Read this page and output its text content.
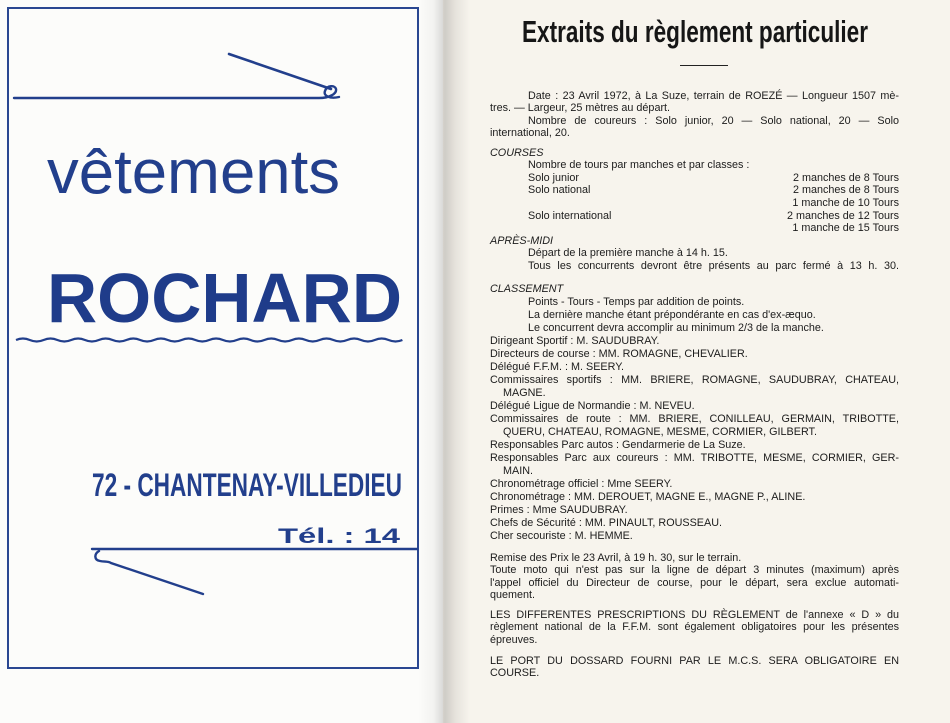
vêtements
ROCHARD
72 - CHANTENAY-VILLEDIEU
Tél. : 14
Extraits du règlement particulier
Date : 23 Avril 1972, à La Suze, terrain de ROEZÉ — Longueur 1507 mè-
tres. — Largeur, 25 mètres au départ.
Nombre de coureurs : Solo junior, 20 — Solo national, 20 — Solo
international, 20.
COURSES
Nombre de tours par manches et par classes :
Solo junior	2 manches de 8 Tours
Solo national	2 manches de 8 Tours
1 manche de 10 Tours
Solo international	2 manches de 12 Tours
1 manche de 15 Tours
APRÈS-MIDI
Départ de la première manche à 14 h. 15.
Tous les concurrents devront être présents au parc fermé à 13 h. 30.
CLASSEMENT
Points - Tours - Temps par addition de points.
La dernière manche étant prépondérante en cas d'ex-æquo.
Le concurrent devra accomplir au minimum 2/3 de la manche.
Dirigeant Sportif : M. SAUDUBRAY.
Directeurs de course : MM. ROMAGNE, CHEVALIER.
Délégué F.F.M. : M. SEERY.
Commissaires sportifs : MM. BRIERE, ROMAGNE, SAUDUBRAY, CHATEAU,
MAGNE.
Délégué Ligue de Normandie : M. NEVEU.
Commissaires de route : MM. BRIERE, CONILLEAU, GERMAIN, TRIBOTTE,
QUERU, CHATEAU, ROMAGNE, MESME, CORMIER, GILBERT.
Responsables Parc autos : Gendarmerie de La Suze.
Responsables Parc aux coureurs : MM. TRIBOTTE, MESME, CORMIER, GER-
MAIN.
Chronométrage officiel : Mme SEERY.
Chronométrage : MM. DEROUET, MAGNE E., MAGNE P., ALINE.
Primes : Mme SAUDUBRAY.
Chefs de Sécurité : MM. PINAULT, ROUSSEAU.
Cher secouriste : M. HEMME.
Remise des Prix le 23 Avril, à 19 h. 30, sur le terrain.
Toute moto qui n'est pas sur la ligne de départ 3 minutes (maximum) après
l'appel officiel du Directeur de course, pour le départ, sera exclue automati-
quement.
LES DIFFERENTES PRESCRIPTIONS DU RÈGLEMENT de l'annexe « D » du
règlement national de la F.F.M. sont également obligatoires pour les présentes
épreuves.
LE PORT DU DOSSARD FOURNI PAR LE M.C.S. SERA OBLIGATOIRE EN
COURSE.
